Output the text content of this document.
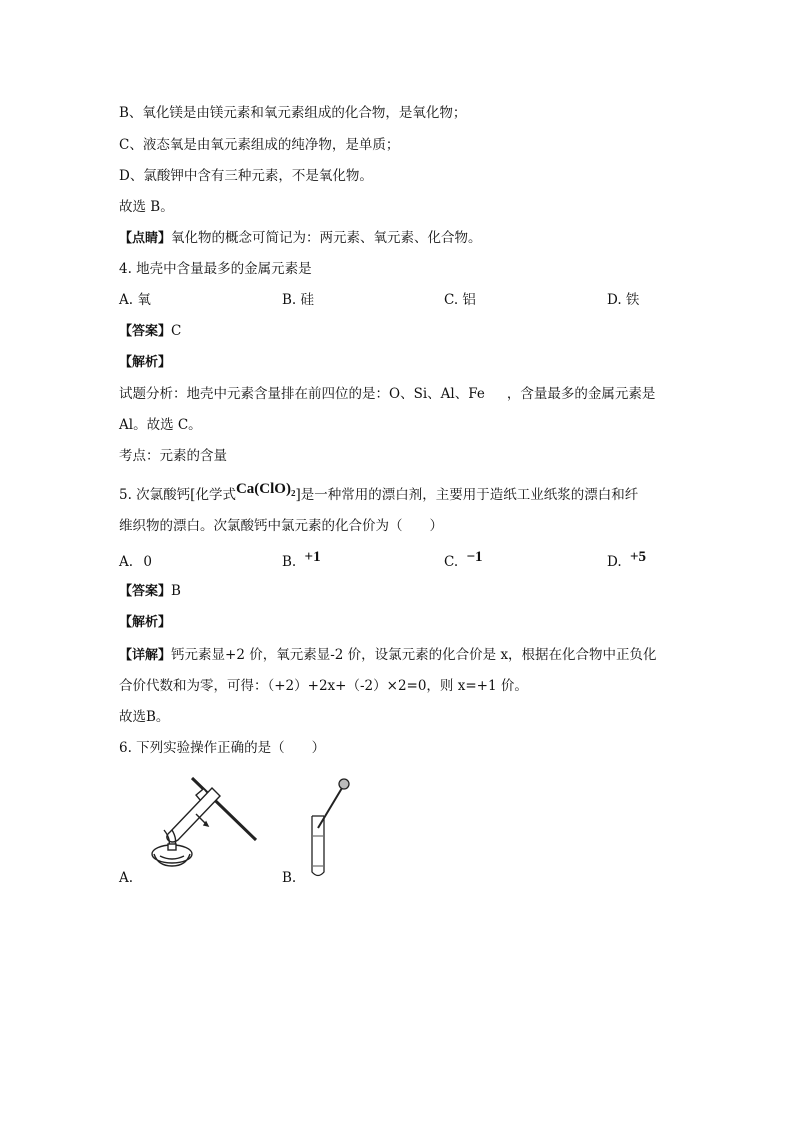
B、氧化镁是由镁元素和氧元素组成的化合物，是氧化物；
C、液态氧是由氧元素组成的纯净物，是单质；
D、氯酸钾中含有三种元素，不是氧化物。
故选 B。
【点睛】氧化物的概念可简记为：两元素、氧元素、化合物。
4. 地壳中含量最多的金属元素是
A. 氧	B. 硅	C. 铝	D. 铁
【答案】C
【解析】
试题分析：地壳中元素含量排在前四位的是：O、Si、Al、Fe ，含量最多的金属元素是
Al。故选 C。
考点：元素的含量
5. 次氯酸钙[化学式Ca(ClO)₂]是一种常用的漂白剂，主要用于造纸工业纸浆的漂白和纤
维织物的漂白。次氯酸钙中氯元素的化合价为（　　）
A. 0	B. +1	C. −1	D. +5
【答案】B
【解析】
【详解】钙元素显+2 价，氧元素显-2 价，设氯元素的化合价是 x，根据在化合物中正负化
合价代数和为零，可得：（+2）+2x+（-2）×2=0，则 x=+1 价。
故选B。
6. 下列实验操作正确的是（　　）
A.	B.
